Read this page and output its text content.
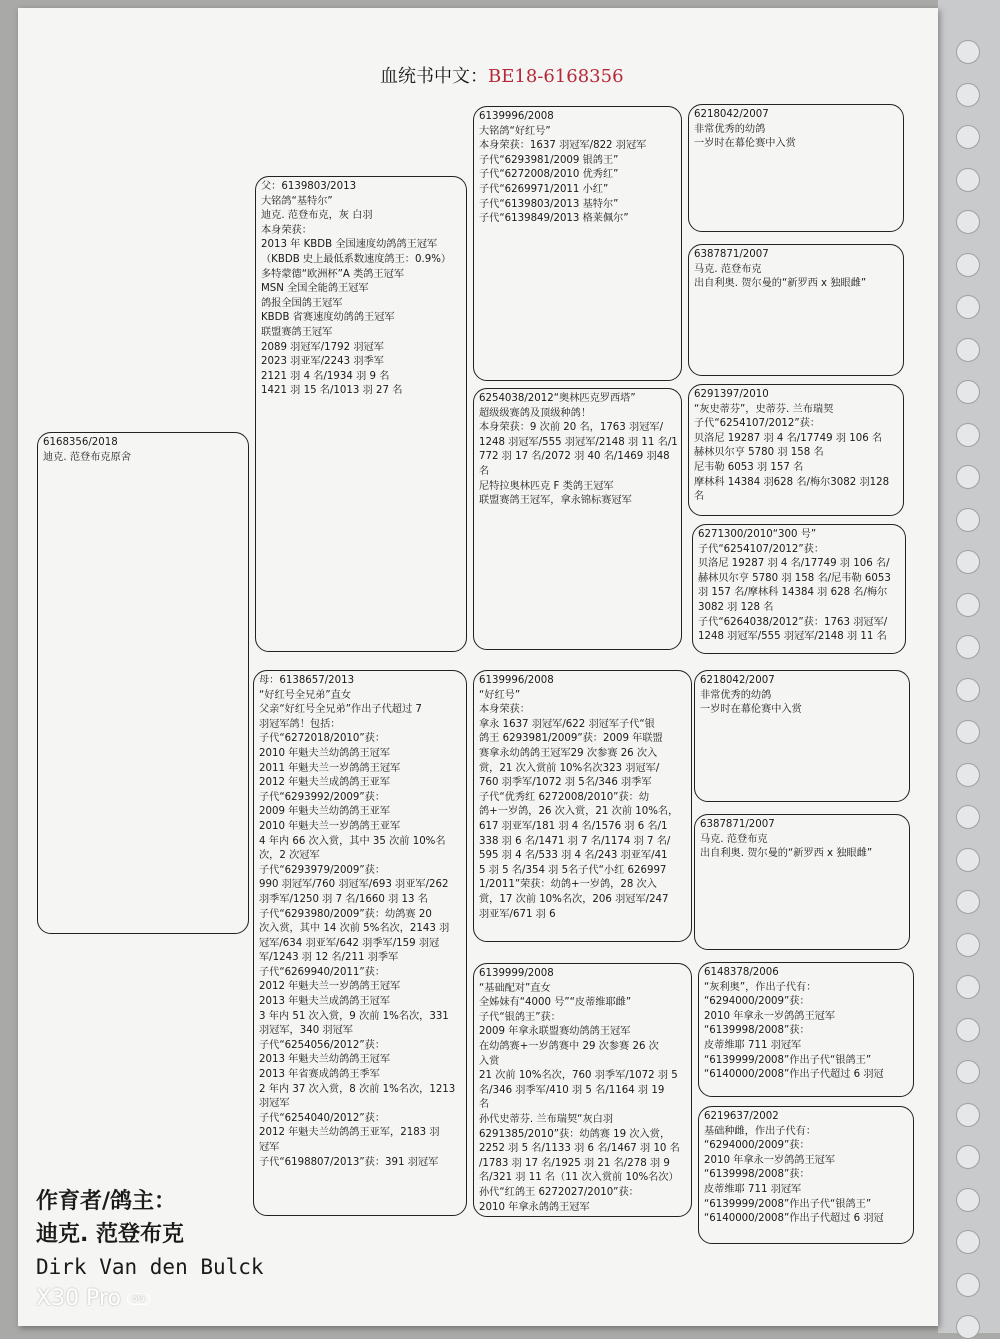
血统书中文：BE18-6168356
6168356/2018
迪克. 范登布克原舍
父：6139803/2013
大铭鸽“基特尔”
迪克. 范登布克，灰 白羽
本身荣获：
2013 年 KBDB 全国速度幼鸽鸽王冠军
（KBDB 史上最低系数速度鸽王：0.9%）
多特蒙德“欧洲杯”A 类鸽王冠军
MSN 全国全能鸽王冠军
鸽报全国鸽王冠军
KBDB 省赛速度幼鸽鸽王冠军
联盟赛鸽王冠军
2089 羽冠军/1792 羽冠军
2023 羽亚军/2243 羽季军
2121 羽 4 名/1934 羽 9 名
1421 羽 15 名/1013 羽 27 名
母：6138657/2013
“好红号全兄弟”直女
父亲“好红号全兄弟”作出子代超过 7
羽冠军鸽！包括：
子代“6272018/2010”获：
2010 年魁夫兰幼鸽鸽王冠军
2011 年魁夫兰一岁鸽鸽王冠军
2012 年魁夫兰成鸽鸽王亚军
子代“6293992/2009”获：
2009 年魁夫兰幼鸽鸽王亚军
2010 年魁夫兰一岁鸽鸽王亚军
4 年内 66 次入赏，其中 35 次前 10%名
次，2 次冠军
子代“6293979/2009”获：
990 羽冠军/760 羽冠军/693 羽亚军/262
羽季军/1250 羽 7 名/1660 羽 13 名
子代“6293980/2009”获：幼鸽赛 20
次入赏，其中 14 次前 5%名次，2143 羽
冠军/634 羽亚军/642 羽季军/159 羽冠
军/1243 羽 12 名/211 羽季军
子代“6269940/2011”获：
2012 年魁夫兰一岁鸽鸽王冠军
2013 年魁夫兰成鸽鸽王冠军
3 年内 51 次入赏，9 次前 1%名次，331
羽冠军，340 羽冠军
子代“6254056/2012”获：
2013 年魁夫兰幼鸽鸽王冠军
2013 年省赛成鸽鸽王季军
2 年内 37 次入赏，8 次前 1%名次，1213
羽冠军
子代“6254040/2012”获：
2012 年魁夫兰幼鸽鸽王亚军，2183 羽
冠军
子代“6198807/2013”获：391 羽冠军
6139996/2008
大铭鸽“好红号”
本身荣获：1637 羽冠军/822 羽冠军
子代“6293981/2009 银鸽王”
子代“6272008/2010 优秀红”
子代“6269971/2011 小红”
子代“6139803/2013 基特尔”
子代“6139849/2013 格莱佩尔”
6254038/2012“奥林匹克罗西塔”
超级级赛鸽及顶级种鸽！
本身荣获：9 次前 20 名，1763 羽冠军/
1248 羽冠军/555 羽冠军/2148 羽 11 名/1
772 羽 17 名/2072 羽 40 名/1469 羽48
名
尼特拉奥林匹克 F 类鸽王冠军
联盟赛鸽王冠军，拿永锦标赛冠军
6139996/2008
“好红号”
本身荣获：
拿永 1637 羽冠军/622 羽冠军子代“银
鸽王 6293981/2009”获：2009 年联盟
赛拿永幼鸽鸽王冠军29 次参赛 26 次入
赏，21 次入赏前 10%名次323 羽冠军/
760 羽季军/1072 羽 5名/346 羽季军
子代“优秀红 6272008/2010”获：幼
鸽+一岁鸽，26 次入赏，21 次前 10%名，
617 羽亚军/181 羽 4 名/1576 羽 6 名/1
338 羽 6 名/1471 羽 7 名/1174 羽 7 名/
595 羽 4 名/533 羽 4 名/243 羽亚军/41
5 羽 5 名/354 羽 5名子代“小红 626997
1/2011”荣获：幼鸽+一岁鸽，28 次入
赏，17 次前 10%名次，206 羽冠军/247
羽亚军/671 羽 6
6139999/2008
“基础配对”直女
全姊妹有“4000 号”“皮蒂维耶雌”
子代“银鸽王”获：
2009 年拿永联盟赛幼鸽鸽王冠军
在幼鸽赛+一岁鸽赛中 29 次参赛 26 次
入赏
21 次前 10%名次，760 羽季军/1072 羽 5
名/346 羽季军/410 羽 5 名/1164 羽 19
名
孙代史蒂芬. 兰布瑞契“灰白羽
6291385/2010”获：幼鸽赛 19 次入赏，
2252 羽 5 名/1133 羽 6 名/1467 羽 10 名
/1783 羽 17 名/1925 羽 21 名/278 羽 9
名/321 羽 11 名（11 次入赏前 10%名次）
孙代“红鸽王 6272027/2010”获：
2010 年拿永鸽鸽王冠军
6218042/2007
非常优秀的幼鸽
一岁时在幕伦赛中入赏
6387871/2007
马克. 范登布克
出自利奥. 贺尔曼的“新罗西 x 独眼雌”
6291397/2010
“灰史蒂芬”，史蒂芬. 兰布瑞契
子代“6254107/2012”获：
贝洛尼 19287 羽 4 名/17749 羽 106 名
赫林贝尔亨 5780 羽 158 名
尼韦勒 6053 羽 157 名
摩林科 14384 羽628 名/梅尔3082 羽128
名
6271300/2010“300 号”
子代“6254107/2012”获：
贝洛尼 19287 羽 4 名/17749 羽 106 名/
赫林贝尔亨 5780 羽 158 名/尼韦勒 6053
羽 157 名/摩林科 14384 羽 628 名/梅尔
3082 羽 128 名
子代“6264038/2012”获：1763 羽冠军/
1248 羽冠军/555 羽冠军/2148 羽 11 名
6218042/2007
非常优秀的幼鸽
一岁时在幕伦赛中入赏
6387871/2007
马克. 范登布克
出自利奥. 贺尔曼的“新罗西 x 独眼雌”
6148378/2006
“灰利奥”，作出子代有：
“6294000/2009”获：
2010 年拿永一岁鸽鸽王冠军
“6139998/2008”获：
皮蒂维耶 711 羽冠军
“6139999/2008”作出子代“银鸽王”
“6140000/2008”作出子代超过 6 羽冠
6219637/2002
基础种雌，作出子代有：
“6294000/2009”获：
2010 年拿永一岁鸽鸽王冠军
“6139998/2008”获：
皮蒂维耶 711 羽冠军
“6139999/2008”作出子代“银鸽王”
“6140000/2008”作出子代超过 6 羽冠
作育者/鸽主：
迪克. 范登布克
Dirk Van den Bulck
X30 Pro 5G
